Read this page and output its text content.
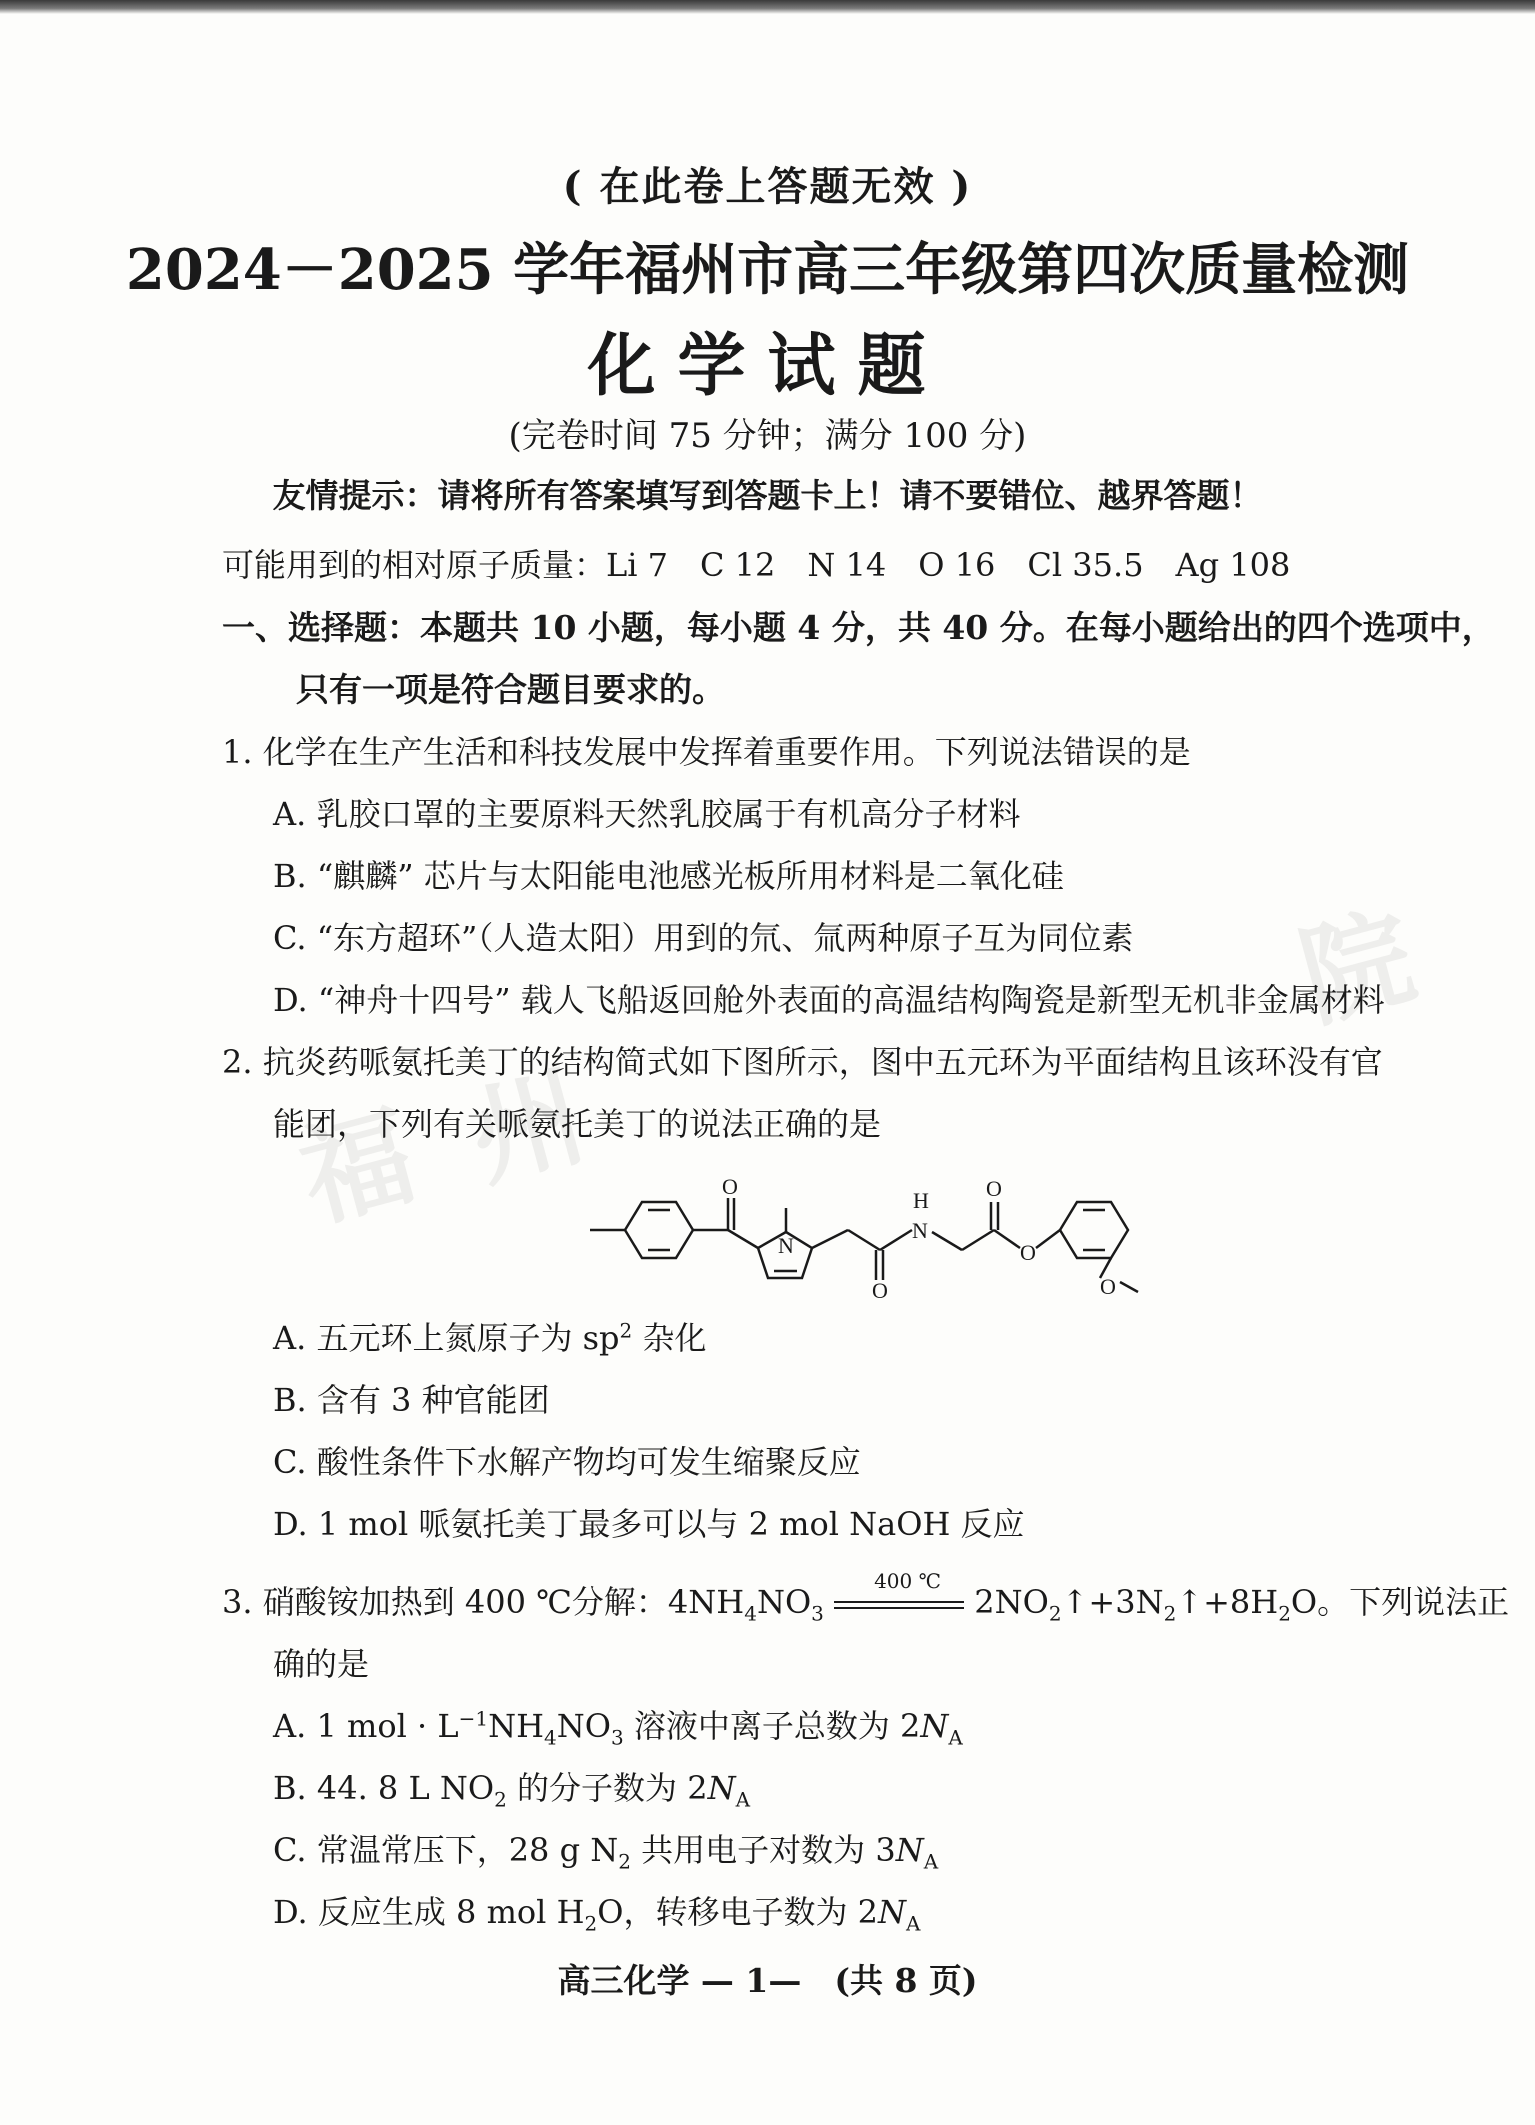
福 州
院
( 在此卷上答题无效 )
2024－2025 学年福州市高三年级第四次质量检测
化学试题
(完卷时间 75 分钟；满分 100 分)
友情提示：请将所有答案填写到答题卡上！请不要错位、越界答题！
可能用到的相对原子质量：Li 7　C 12　N 14　O 16　Cl 35.5　Ag 108
一、选择题：本题共 10 小题，每小题 4 分，共 40 分。在每小题给出的四个选项中，
只有一项是符合题目要求的。
1. 化学在生产生活和科技发展中发挥着重要作用。下列说法错误的是
A. 乳胶口罩的主要原料天然乳胶属于有机高分子材料
B. “麒麟” 芯片与太阳能电池感光板所用材料是二氧化硅
C. “东方超环”（人造太阳）用到的氘、氚两种原子互为同位素
D. “神舟十四号” 载人飞船返回舱外表面的高温结构陶瓷是新型无机非金属材料
2. 抗炎药哌氨托美丁的结构简式如下图所示，图中五元环为平面结构且该环没有官
能团，下列有关哌氨托美丁的说法正确的是
O
N
H
N
O
O
O
O
A. 五元环上氮原子为 $sp^2$ 杂化
B. 含有 3 种官能团
C. 酸性条件下水解产物均可发生缩聚反应
D. 1 mol 哌氨托美丁最多可以与 2 mol NaOH 反应
3. 硝酸铵加热到 400 ℃分解：$4NH_4NO_3$
400 ℃
$2NO_2↑+3N_2↑+8H_2O$。下列说法正
确的是
A. 1 mol · $L^{-1}NH_4NO_3$ 溶液中离子总数为 $2N_A$
B. 44. 8 L $NO_2$ 的分子数为 $2N_A$
C. 常温常压下，28 g $N_2$ 共用电子对数为 $3N_A$
D. 反应生成 8 mol $H_2O$，转移电子数为 $2N_A$
高三化学 — 1—　(共 8 页)
